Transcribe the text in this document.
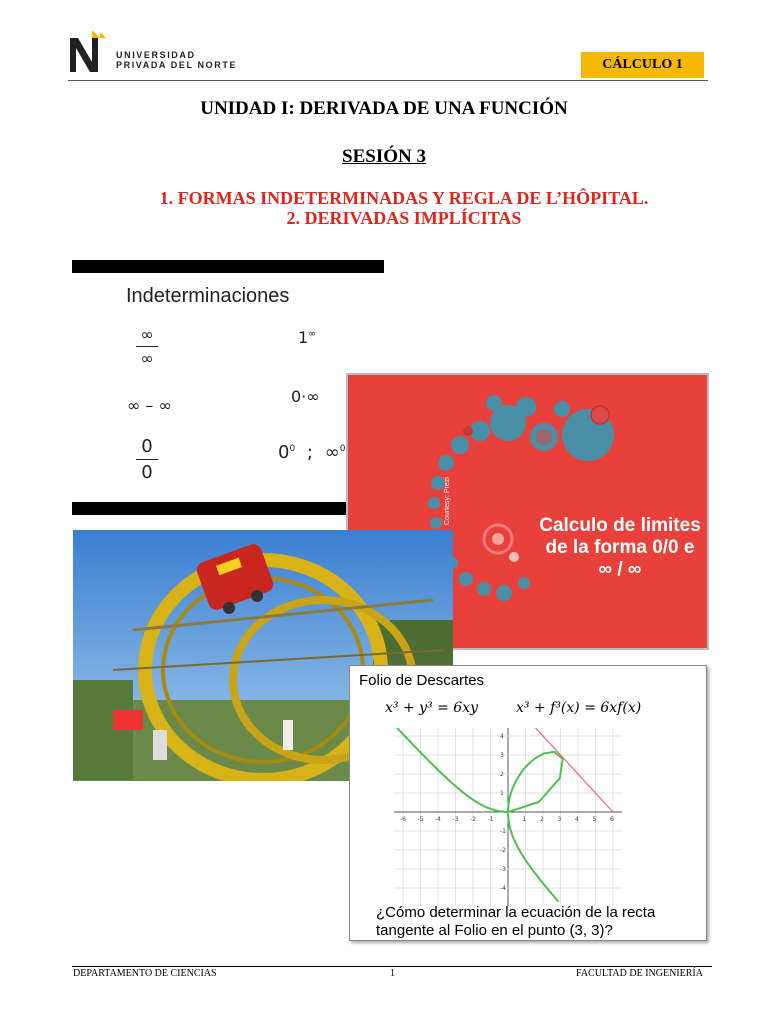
UNIVERSIDAD
PRIVADA DEL NORTE	CÁLCULO 1
UNIDAD I: DERIVADA DE UNA FUNCIÓN
SESIÓN 3
1. FORMAS INDETERMINADAS Y REGLA DE L’HÔPITAL.
2. DERIVADAS IMPLÍCITAS
Indeterminaciones
∞
∞
1∞
∞ – ∞	0·∞
0
0
$0^0$ ; ∞$^0$
Courtesy: Prezi
Calculo de limites
de la forma 0/0 e
∞ / ∞
Folio de Descartes
x³ + y³ = 6xy	x³ + f³(x) = 6xf(x)
-6 -5 -4 -3 -2 -1	1 2 3 4 5 6
4
3
2
1
-1
-2
-3
-4
¿Cómo determinar la ecuación de la recta
tangente al Folio en el punto (3, 3)?
DEPARTAMENTO DE CIENCIAS	1	FACULTAD DE INGENIERÍA
